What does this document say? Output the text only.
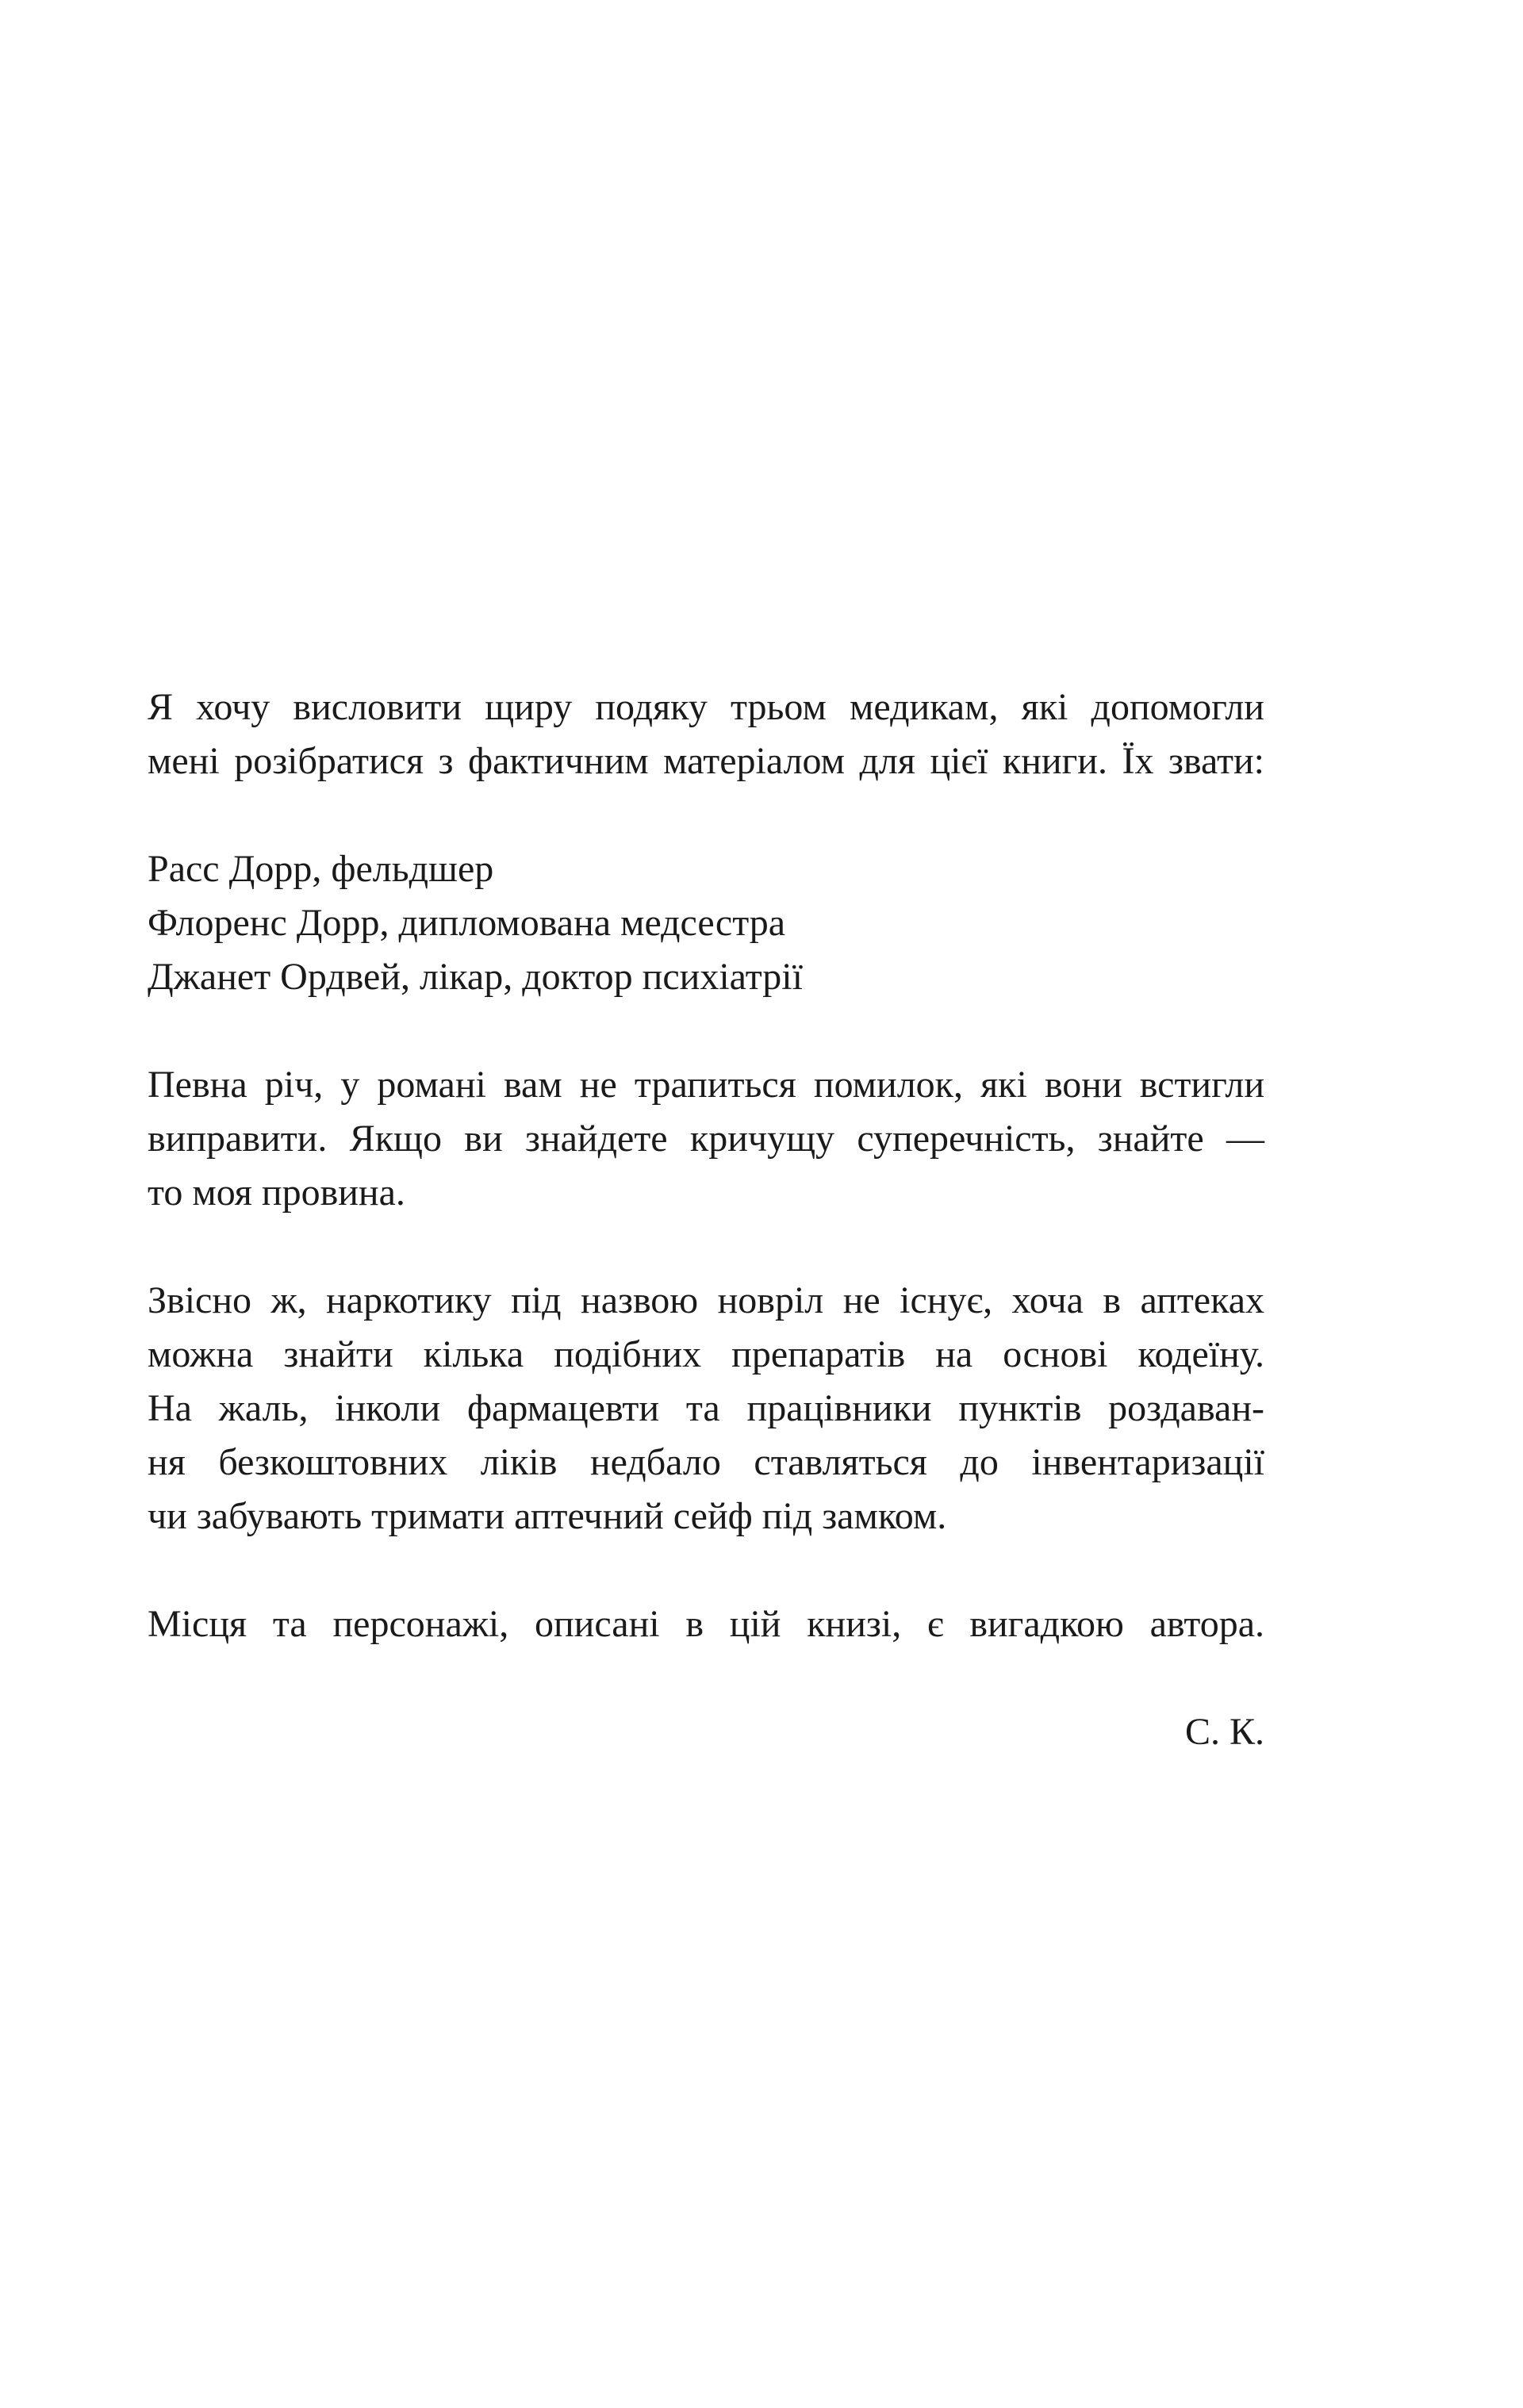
Я хочу висловити щиру подяку трьом медикам, які допомогли
мені розібратися з фактичним матеріалом для цієї книги. Їх звати:

Расс Дорр, фельдшер
Флоренс Дорр, дипломована медсестра
Джанет Ордвей, лікар, доктор психіатрії

Певна річ, у романі вам не трапиться помилок, які вони встигли
виправити. Якщо ви знайдете кричущу суперечність, знайте —
то моя провина.

Звісно ж, наркотику під назвою новріл не існує, хоча в аптеках
можна знайти кілька подібних препаратів на основі кодеїну.
На жаль, інколи фармацевти та працівники пунктів роздаван-
ня безкоштовних ліків недбало ставляться до інвентаризації
чи забувають тримати аптечний сейф під замком.

Місця та персонажі, описані в цій книзі, є вигадкою автора.

С. К.
